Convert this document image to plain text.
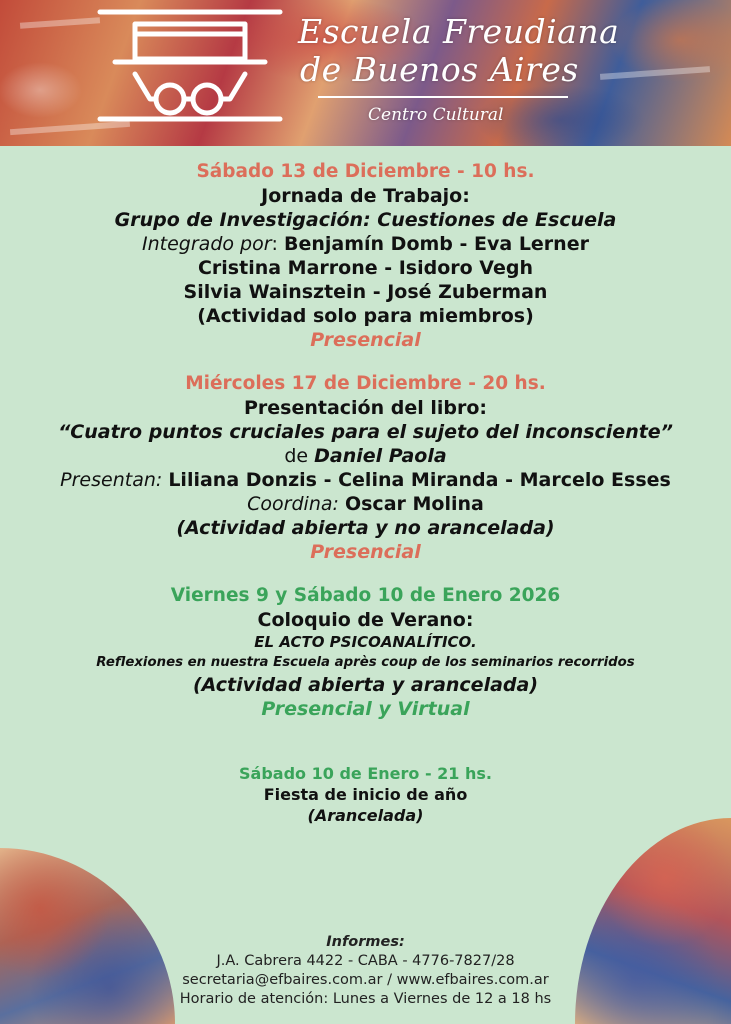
Escuela Freudiana
de Buenos Aires
Centro Cultural
Sábado 13 de Diciembre - 10 hs.
Jornada de Trabajo:
Grupo de Investigación: Cuestiones de Escuela
Integrado por: Benjamín Domb - Eva Lerner
Cristina Marrone - Isidoro Vegh
Silvia Wainsztein - José Zuberman
(Actividad solo para miembros)
Presencial
Miércoles 17 de Diciembre - 20 hs.
Presentación del libro:
“Cuatro puntos cruciales para el sujeto del inconsciente”
de Daniel Paola
Presentan: Liliana Donzis - Celina Miranda - Marcelo Esses
Coordina: Oscar Molina
(Actividad abierta y no arancelada)
Presencial
Viernes 9 y Sábado 10 de Enero 2026
Coloquio de Verano:
EL ACTO PSICOANALÍTICO.
Reflexiones en nuestra Escuela après coup de los seminarios recorridos
(Actividad abierta y arancelada)
Presencial y Virtual
Sábado 10 de Enero - 21 hs.
Fiesta de inicio de año
(Arancelada)
Informes:
J.A. Cabrera 4422 - CABA - 4776-7827/28
secretaria@efbaires.com.ar / www.efbaires.com.ar
Horario de atención: Lunes a Viernes de 12 a 18 hs
